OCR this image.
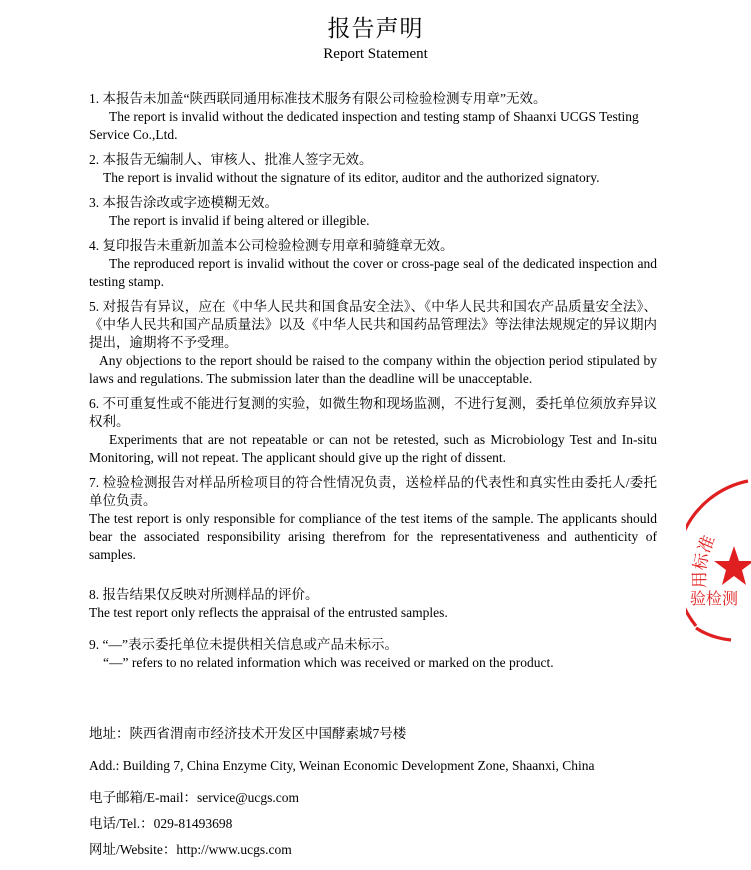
报告声明
Report Statement
1. 本报告未加盖“陕西联同通用标准技术服务有限公司检验检测专用章”无效。
The report is invalid without the dedicated inspection and testing stamp of Shaanxi UCGS Testing Service Co.,Ltd.
2. 本报告无编制人、审核人、批准人签字无效。
The report is invalid without the signature of its editor, auditor and the authorized signatory.
3. 本报告涂改或字迹模糊无效。
The report is invalid if being altered or illegible.
4. 复印报告未重新加盖本公司检验检测专用章和骑缝章无效。
The reproduced report is invalid without the cover or cross-page seal of the dedicated inspection and testing stamp.
5. 对报告有异议，应在《中华人民共和国食品安全法》、《中华人民共和国农产品质量安全法》、《中华人民共和国产品质量法》以及《中华人民共和国药品管理法》等法律法规规定的异议期内提出，逾期将不予受理。
Any objections to the report should be raised to the company within the objection period stipulated by laws and regulations. The submission later than the deadline will be unacceptable.
6. 不可重复性或不能进行复测的实验，如微生物和现场监测，不进行复测，委托单位须放弃异议权利。
Experiments that are not repeatable or can not be retested, such as Microbiology Test and In-situ Monitoring, will not repeat. The applicant should give up the right of dissent.
7. 检验检测报告对样品所检项目的符合性情况负责，送检样品的代表性和真实性由委托人/委托单位负责。
The test report is only responsible for compliance of the test items of the sample. The applicants should bear the associated responsibility arising therefrom for the representativeness and authenticity of samples.
8. 报告结果仅反映对所测样品的评价。
The test report only reflects the appraisal of the entrusted samples.
9. “—”表示委托单位未提供相关信息或产品未标示。
“—” refers to no related information which was received or marked on the product.
地址：陕西省渭南市经济技术开发区中国酵素城7号楼
Add.: Building 7, China Enzyme City, Weinan Economic Development Zone, Shaanxi, China
电子邮箱/E-mail：service@ucgs.com
电话/Tel.：029-81493698
网址/Website：http://www.ucgs.com
用标准
验检测
